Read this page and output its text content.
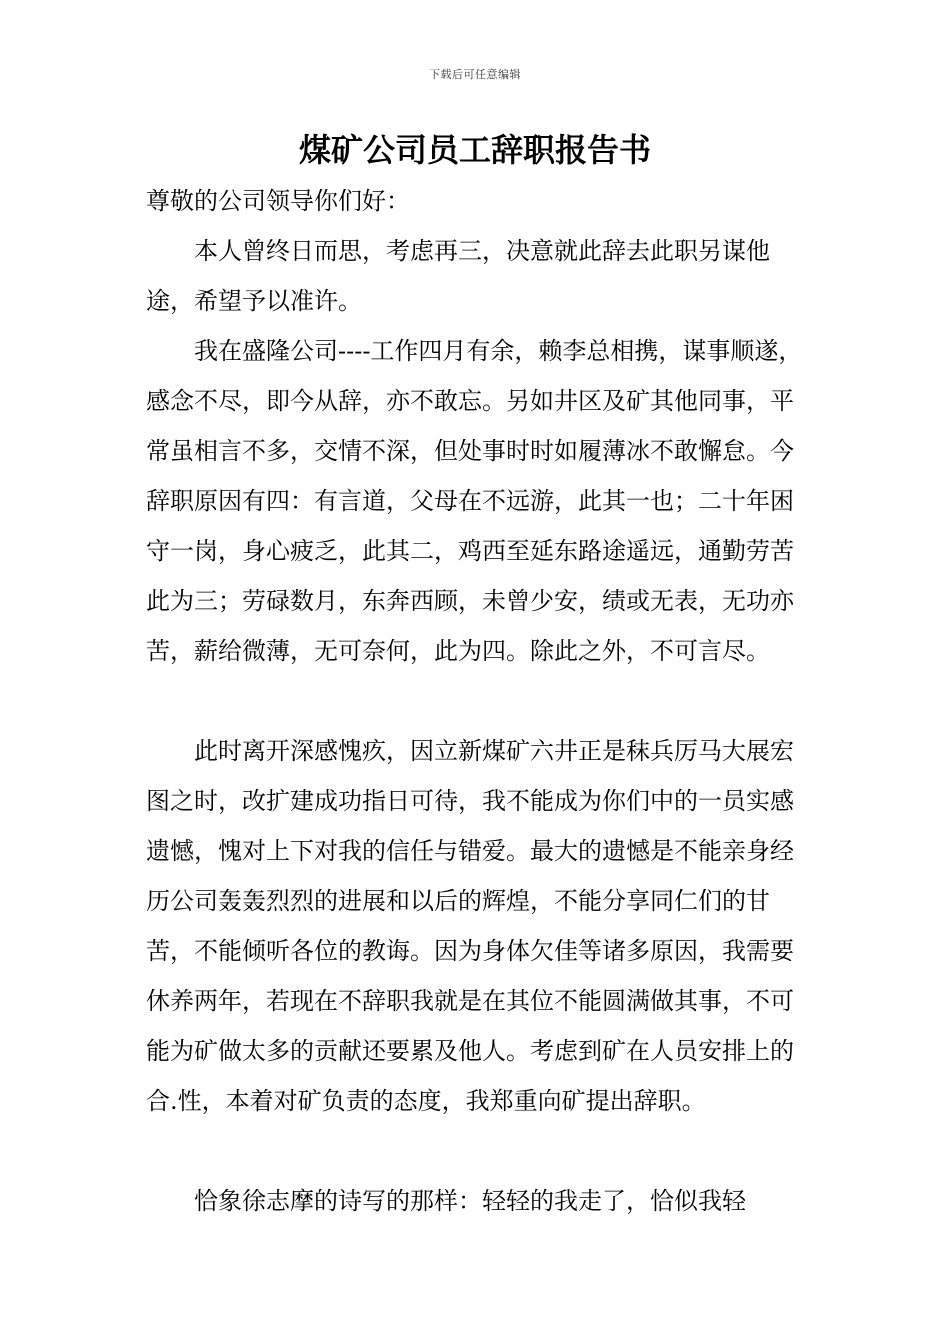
下载后可任意编辑
煤矿公司员工辞职报告书

尊敬的公司领导你们好：

本人曾终日而思，考虑再三，决意就此辞去此职另谋他途，希望予以准许。

我在盛隆公司----工作四月有余，赖李总相携，谋事顺遂，感念不尽，即今从辞，亦不敢忘。另如井区及矿其他同事，平常虽相言不多，交情不深，但处事时时如履薄冰不敢懈怠。今辞职原因有四：有言道，父母在不远游，此其一也；二十年困守一岗，身心疲乏，此其二，鸡西至延东路途遥远，通勤劳苦此为三；劳碌数月，东奔西顾，未曾少安，绩或无表，无功亦苦，薪给微薄，无可奈何，此为四。除此之外，不可言尽。

此时离开深感愧疚，因立新煤矿六井正是秣兵厉马大展宏图之时，改扩建成功指日可待，我不能成为你们中的一员实感遗憾，愧对上下对我的信任与错爱。最大的遗憾是不能亲身经历公司轰轰烈烈的进展和以后的辉煌，不能分享同仁们的甘苦，不能倾听各位的教诲。因为身体欠佳等诸多原因，我需要休养两年，若现在不辞职我就是在其位不能圆满做其事，不可能为矿做太多的贡献还要累及他人。考虑到矿在人员安排上的合.性，本着对矿负责的态度，我郑重向矿提出辞职。

恰象徐志摩的诗写的那样：轻轻的我走了，恰似我轻
